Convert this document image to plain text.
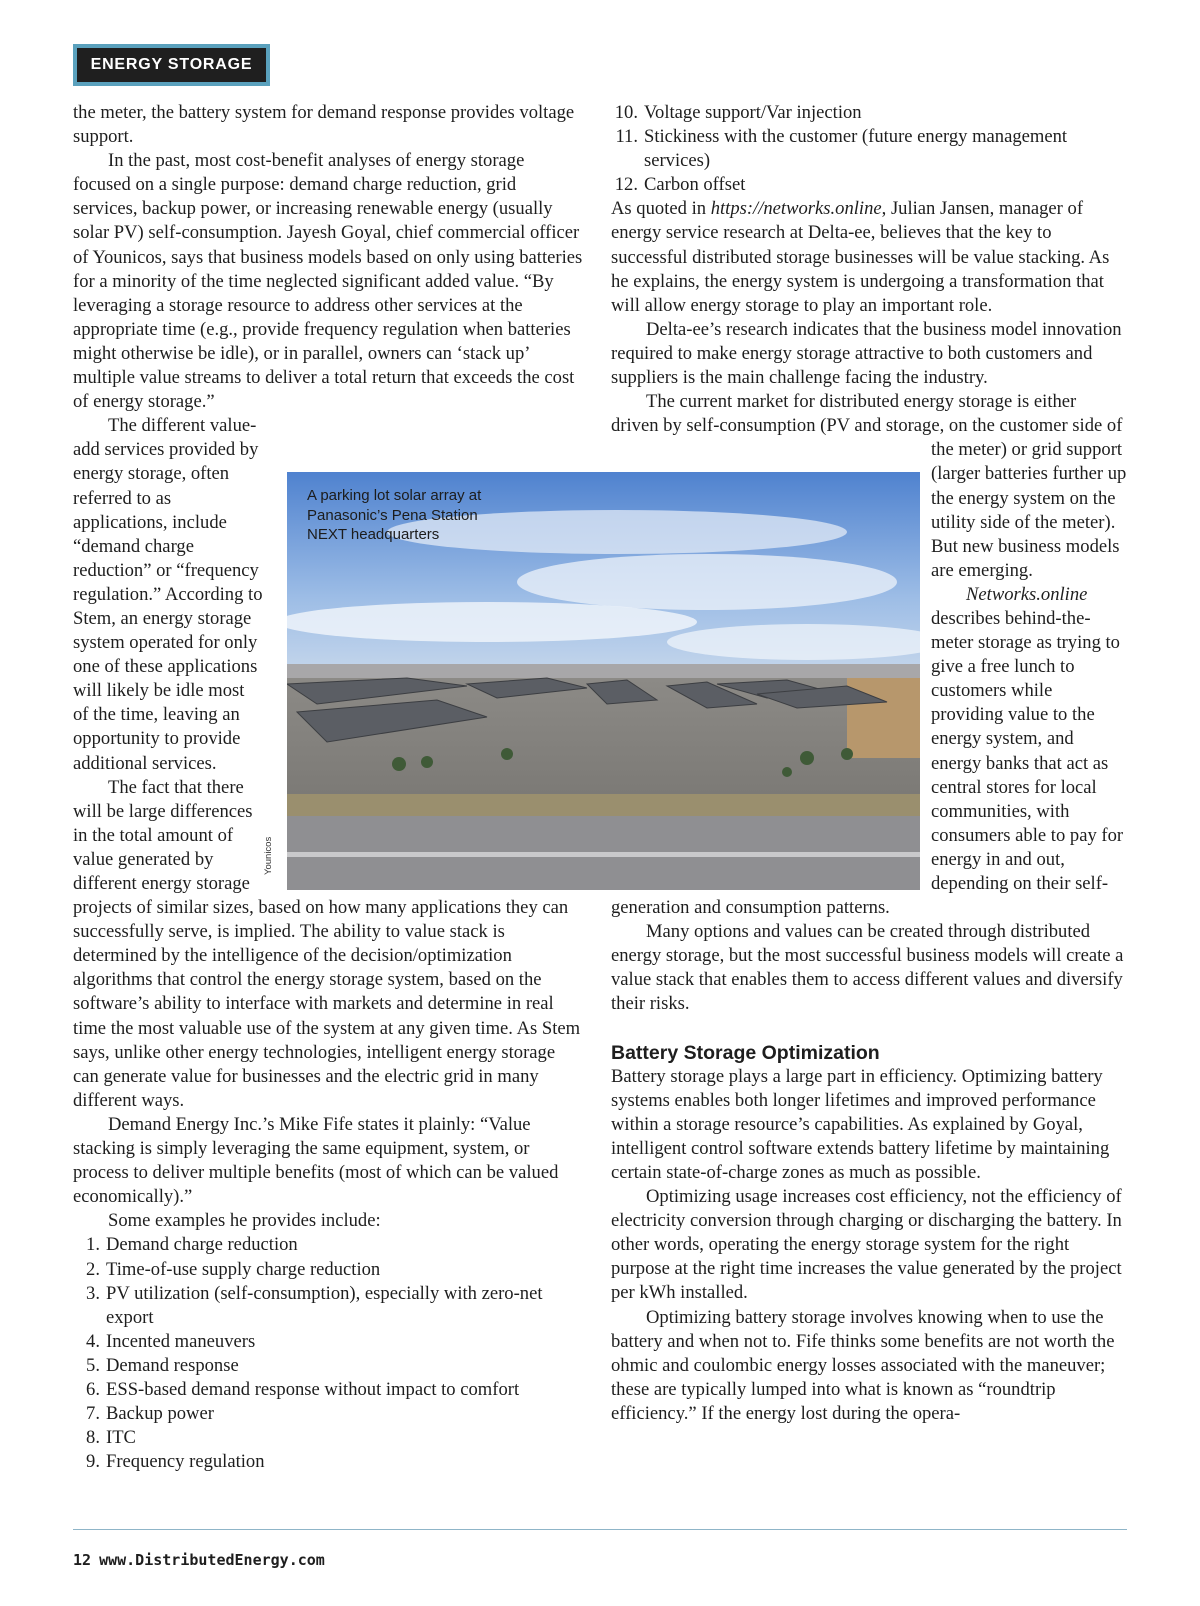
ENERGY STORAGE

the meter, the battery system for demand response provides voltage support.

In the past, most cost-benefit analyses of energy storage focused on a single purpose: demand charge reduction, grid services, backup power, or increasing renewable energy (usually solar PV) self-consumption. Jayesh Goyal, chief commercial officer of Younicos, says that business models based on only using batteries for a minority of the time neglected significant added value. “By leveraging a storage resource to address other services at the appropriate time (e.g., provide frequency regulation when batteries might otherwise be idle), or in parallel, owners can ‘stack up’ multiple value streams to deliver a total return that exceeds the cost of energy storage.”

The different value-add services provided by energy storage, often referred to as applications, include “demand charge reduction” or “frequency regulation.” According to Stem, an energy storage system operated for only one of these applications will likely be idle most of the time, leaving an opportunity to provide additional services.

The fact that there will be large differences in the total amount of value generated by different energy storage projects of similar sizes, based on how many applications they can successfully serve, is implied. The ability to value stack is determined by the intelligence of the decision/optimization algorithms that control the energy storage system, based on the software’s ability to interface with markets and determine in real time the most valuable use of the system at any given time. As Stem says, unlike other energy technologies, intelligent energy storage can generate value for businesses and the electric grid in many different ways.

Demand Energy Inc.’s Mike Fife states it plainly: “Value stacking is simply leveraging the same equipment, system, or process to deliver multiple benefits (most of which can be valued economically).”

Some examples he provides include:

1. Demand charge reduction
2. Time-of-use supply charge reduction
3. PV utilization (self-consumption), especially with zero-net export
4. Incented maneuvers
5. Demand response
6. ESS-based demand response without impact to comfort
7. Backup power
8. ITC
9. Frequency regulation
10. Voltage support/Var injection
11. Stickiness with the customer (future energy management services)
12. Carbon offset

As quoted in https://networks.online, Julian Jansen, manager of energy service research at Delta-ee, believes that the key to successful distributed storage businesses will be value stacking. As he explains, the energy system is undergoing a transformation that will allow energy storage to play an important role.

Delta-ee’s research indicates that the business model innovation required to make energy storage attractive to both customers and suppliers is the main challenge facing the industry.

The current market for distributed energy storage is either driven by self-consumption (PV and storage, on the customer side of the meter) or grid support (larger batteries further up the energy system on the utility side of the meter). But new business models are emerging.

Networks.online describes behind-the-meter storage as trying to give a free lunch to customers while providing value to the energy system, and energy banks that act as central stores for local communities, with consumers able to pay for energy in and out, depending on their self-generation and consumption patterns.

Many options and values can be created through distributed energy storage, but the most successful business models will create a value stack that enables them to access different values and diversify their risks.

Battery Storage Optimization

Battery storage plays a large part in efficiency. Optimizing battery systems enables both longer lifetimes and improved performance within a storage resource’s capabilities. As explained by Goyal, intelligent control software extends battery lifetime by maintaining certain state-of-charge zones as much as possible.

Optimizing usage increases cost efficiency, not the efficiency of electricity conversion through charging or discharging the battery. In other words, operating the energy storage system for the right purpose at the right time increases the value generated by the project per kWh installed.

Optimizing battery storage involves knowing when to use the battery and when not to. Fife thinks some benefits are not worth the ohmic and coulombic energy losses associated with the maneuver; these are typically lumped into what is known as “roundtrip efficiency.” If the energy lost during the opera-

A parking lot solar array at Panasonic’s Pena Station NEXT headquarters
Younicos
12 www.DistributedEnergy.com
